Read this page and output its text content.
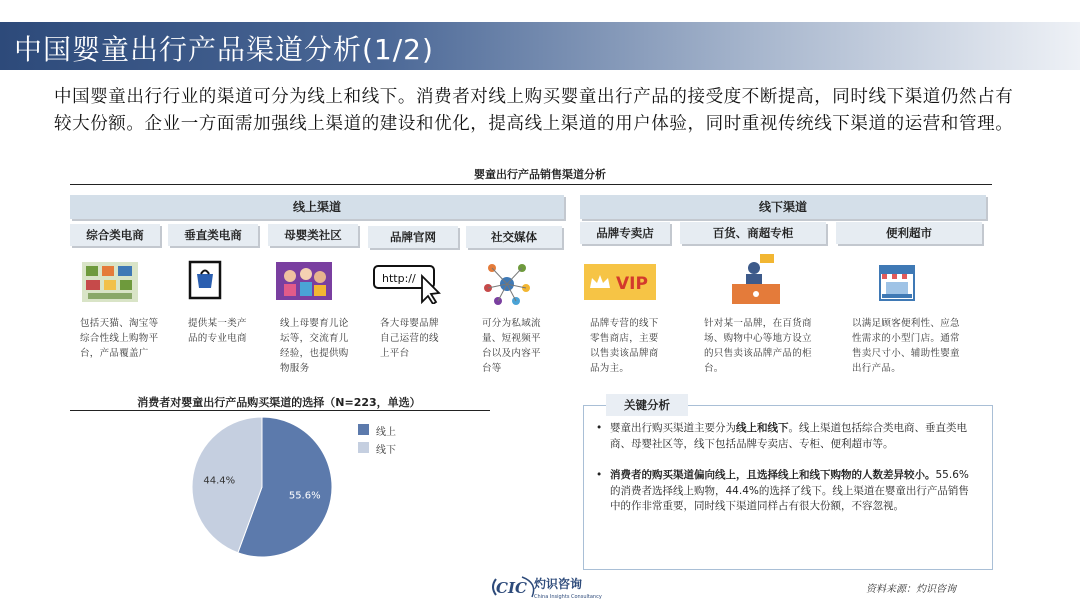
中国婴童出行产品渠道分析(1/2)
中国婴童出行行业的渠道可分为线上和线下。消费者对线上购买婴童出行产品的接受度不断提高，同时线下渠道仍然占有较大份额。企业一方面需加强线上渠道的建设和优化，提高线上渠道的用户体验，同时重视传统线下渠道的运营和管理。
婴童出行产品销售渠道分析
线上渠道	线下渠道
综合类电商	垂直类电商	母婴类社区	品牌官网	社交媒体	品牌专卖店	百货、商超专柜	便利超市
http://	VIP
包括天猫、淘宝等综合性线上购物平台，产品覆盖广
提供某一类产品的专业电商
线上母婴育儿论坛等，交流育儿经验，也提供购物服务
各大母婴品牌自己运营的线上平台
可分为私域流量、短视频平台以及内容平台等
品牌专营的线下零售商店，主要以售卖该品牌商品为主。
针对某一品牌，在百货商场、购物中心等地方设立的只售卖该品牌产品的柜台。
以满足顾客便利性、应急性需求的小型门店。通常售卖尺寸小、辅助性婴童出行产品。
消费者对婴童出行产品购买渠道的选择（N=223，单选）
55.6%
44.4%
线上
线下
关键分析
• 婴童出行购买渠道主要分为线上和线下。线上渠道包括综合类电商、垂直类电商、母婴社区等，线下包括品牌专卖店、专柜、便利超市等。
• 消费者的购买渠道偏向线上，且选择线上和线下购物的人数差异较小。55.6%的消费者选择线上购物，44.4%的选择了线下。线上渠道在婴童出行产品销售中的作非常重要，同时线下渠道同样占有很大份额，不容忽视。
CIC 灼识咨询
China Insights Consultancy
资料来源：灼识咨询
